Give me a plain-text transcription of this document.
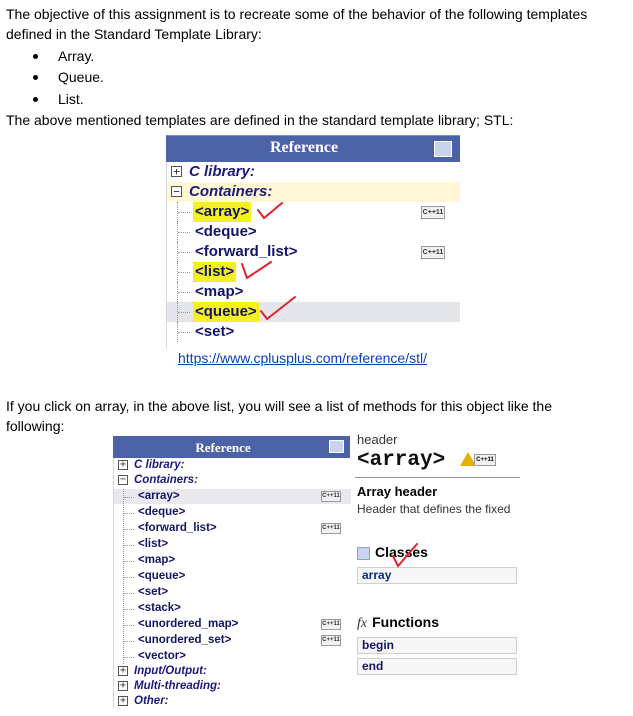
The objective of this assignment is to recreate some of the behavior of the following templates

defined in the Standard Template Library:

Array.
Queue.
List.

The above mentioned templates are defined in the standard template library; STL:

Reference
+ C library:
− Containers:
<array>	C++11
<deque>
<forward_list>	C++11
<list>
<map>
<queue>
<set>
https://www.cplusplus.com/reference/stl/

If you click on array, in the above list, you will see a list of methods for this object like the

following:

Reference
+ C library:
− Containers:
<array>	C++11
<deque>
<forward_list>	C++11
<list>
<map>
<queue>
<set>
<stack>
<unordered_map>	C++11
<unordered_set>	C++11
<vector>
+ Input/Output:
+ Multi-threading:
+ Other:
header
<array>	C++11
Array header
Header that defines the fixed
Classes
array
fx Functions
begin
end
